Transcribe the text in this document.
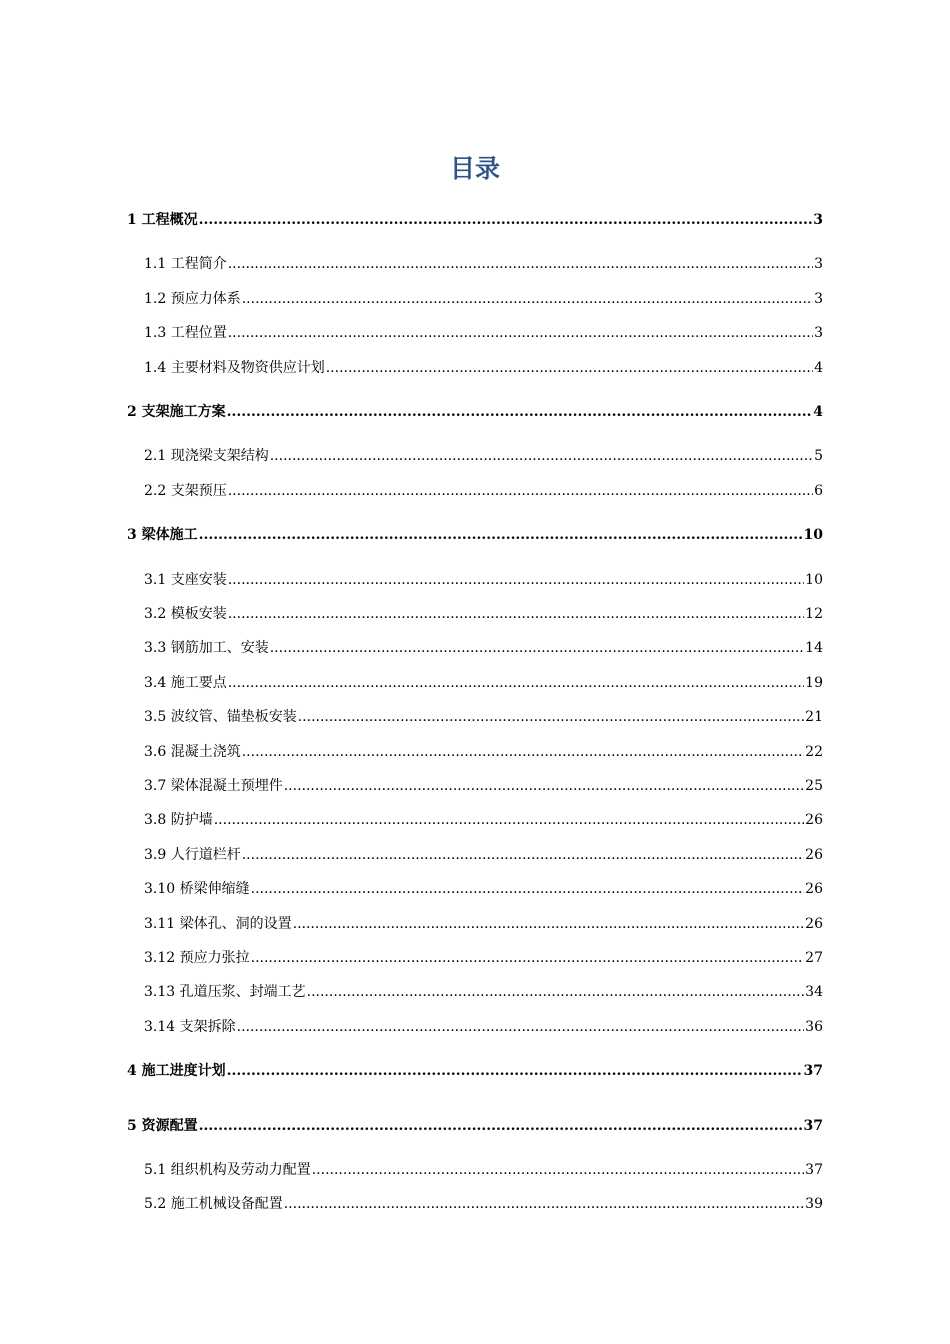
目录
1 工程概况 .....	3
1.1 工程简介 .....	3
1.2 预应力体系 .....	3
1.3 工程位置 .....	3
1.4 主要材料及物资供应计划 .....	4
2 支架施工方案 .....	4
2.1 现浇梁支架结构 .....	5
2.2 支架预压 .....	6
3 梁体施工 .....	10
3.1 支座安装 .....	10
3.2 模板安装 .....	12
3.3 钢筋加工、安装 .....	14
3.4 施工要点 .....	19
3.5 波纹管、锚垫板安装 .....	21
3.6 混凝土浇筑 .....	22
3.7 梁体混凝土预埋件 .....	25
3.8 防护墙 .....	26
3.9 人行道栏杆 .....	26
3.10 桥梁伸缩缝 .....	26
3.11 梁体孔、洞的设置 .....	26
3.12 预应力张拉 .....	27
3.13 孔道压浆、封端工艺 .....	34
3.14 支架拆除 .....	36
4 施工进度计划 .....	37
5 资源配置 .....	37
5.1 组织机构及劳动力配置 .....	37
5.2 施工机械设备配置 .....	39
